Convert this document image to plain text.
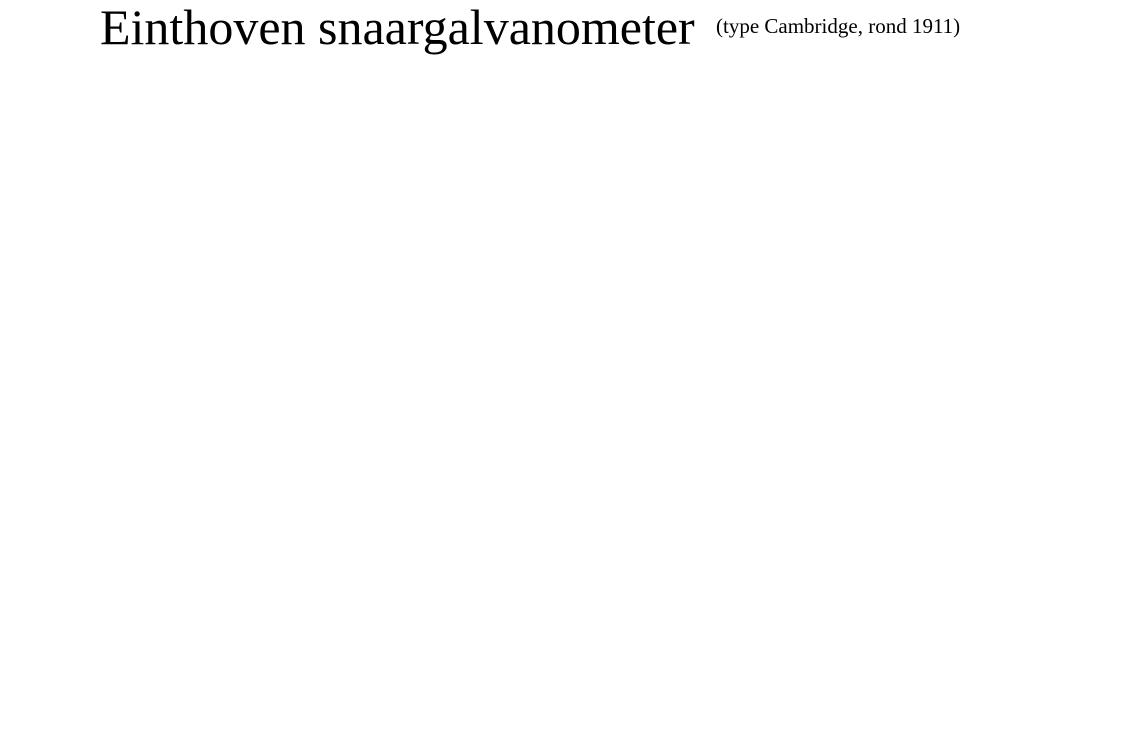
Einthoven snaargalvanometer (type Cambridge, rond 1911)
